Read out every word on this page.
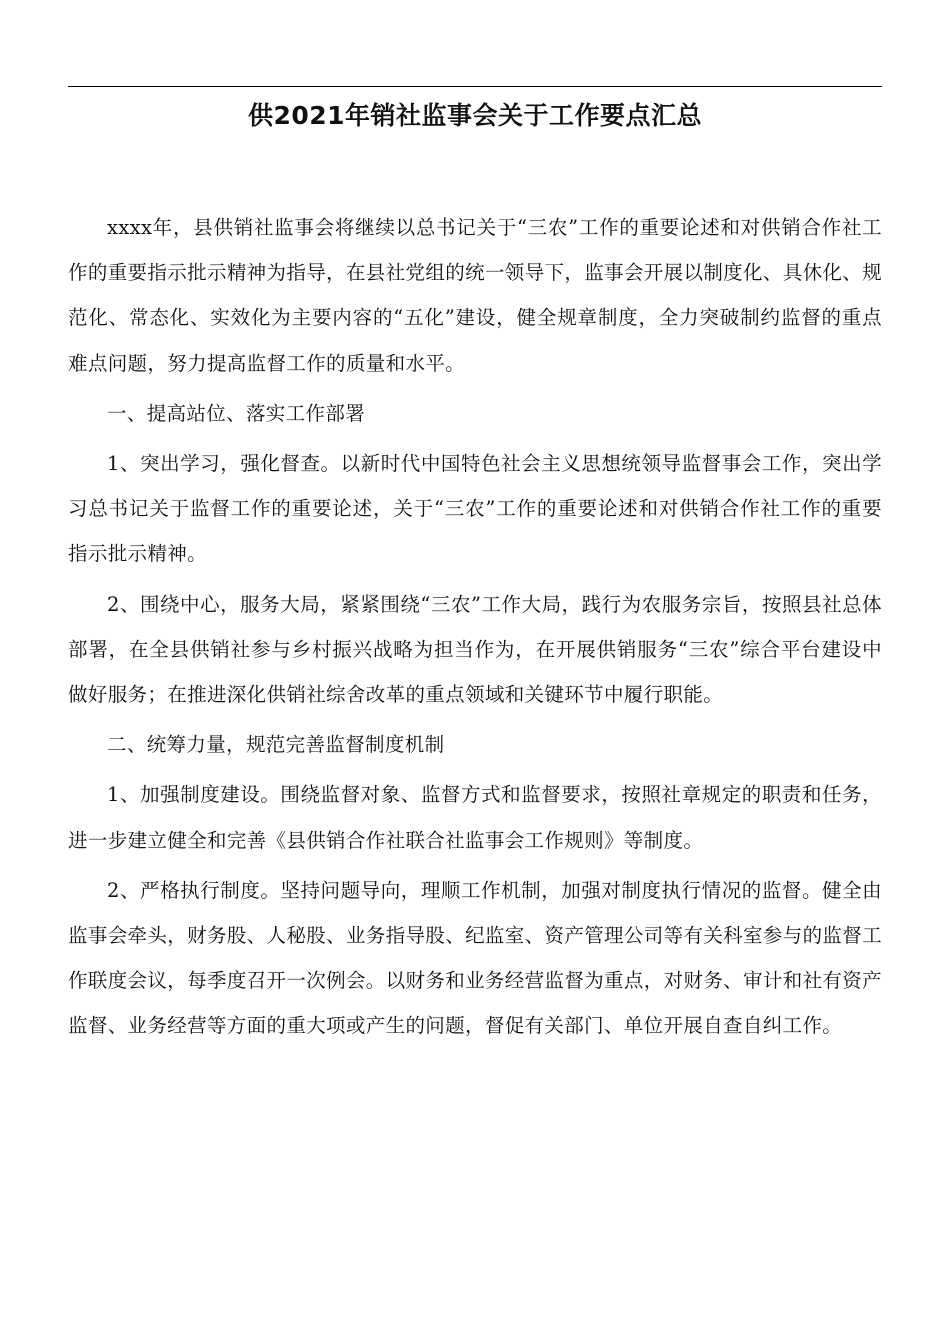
供2021年销社监事会关于工作要点汇总

xxxx年，县供销社监事会将继续以总书记关于“三农”工作的重要论述和对供销合作社工作的重要指示批示精神为指导，在县社党组的统一领导下，监事会开展以制度化、具休化、规范化、常态化、实效化为主要内容的“五化”建设，健全规章制度，全力突破制约监督的重点难点问题，努力提高监督工作的质量和水平。

一、提高站位、落实工作部署

1、突出学习，强化督查。以新时代中国特色社会主义思想统领导监督事会工作，突出学习总书记关于监督工作的重要论述，关于“三农”工作的重要论述和对供销合作社工作的重要指示批示精神。

2、围绕中心，服务大局，紧紧围绕“三农”工作大局，践行为农服务宗旨，按照县社总体部署，在全县供销社参与乡村振兴战略为担当作为，在开展供销服务“三农”综合平台建设中做好服务；在推进深化供销社综舍改革的重点领域和关键环节中履行职能。

二、统筹力量，规范完善监督制度机制

1、加强制度建设。围绕监督对象、监督方式和监督要求，按照社章规定的职责和任务，进一步建立健全和完善《县供销合作社联合社监事会工作规则》等制度。

2、严格执行制度。坚持问题导向，理顺工作机制，加强对制度执行情况的监督。健全由监事会牵头，财务股、人秘股、业务指导股、纪监室、资产管理公司等有关科室参与的监督工作联度会议，每季度召开一次例会。以财务和业务经营监督为重点，对财务、审计和社有资产监督、业务经营等方面的重大项或产生的问题，督促有关部门、单位开展自查自纠工作。
